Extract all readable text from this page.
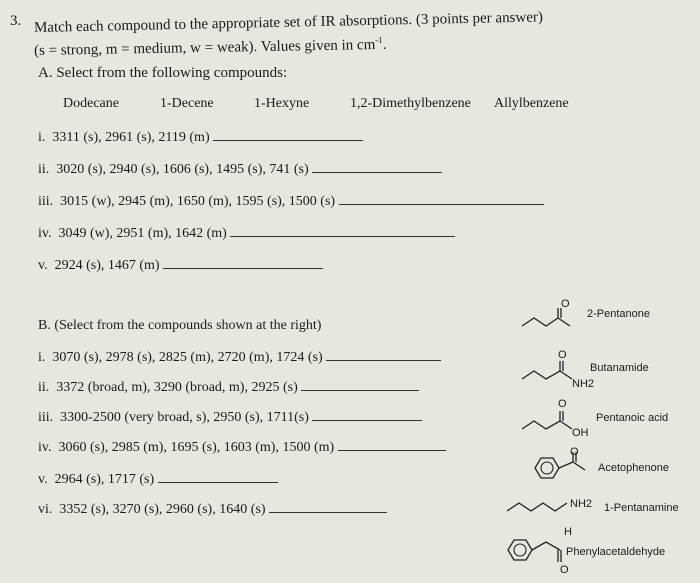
3. Match each compound to the appropriate set of IR absorptions. (3 points per answer)
(s = strong, m = medium, w = weak). Values given in $cm^{-1}$.
A. Select from the following compounds:
Dodecane	1-Decene	1-Hexyne	1,2-Dimethylbenzene Allylbenzene
i. 3311 (s), 2961 (s), 2119 (m)
ii. 3020 (s), 2940 (s), 1606 (s), 1495 (s), 741 (s)
iii. 3015 (w), 2945 (m), 1650 (m), 1595 (s), 1500 (s)
iv. 3049 (w), 2951 (m), 1642 (m)
v. 2924 (s), 1467 (m)
B. (Select from the compounds shown at the right)
i. 3070 (s), 2978 (s), 2825 (m), 2720 (m), 1724 (s)
ii. 3372 (broad, m), 3290 (broad, m), 2925 (s)
iii. 3300-2500 (very broad, s), 2950 (s), 1711(s)
iv. 3060 (s), 2985 (m), 1695 (s), 1603 (m), 1500 (m)
v. 2964 (s), 1717 (s)
vi. 3352 (s), 3270 (s), 2960 (s), 1640 (s)
O
2-Pentanone
O
NH2
Butanamide
O
OH
Pentanoic acid
O
Acetophenone
NH2 1-Pentanamine
H
O
Phenylacetaldehyde
